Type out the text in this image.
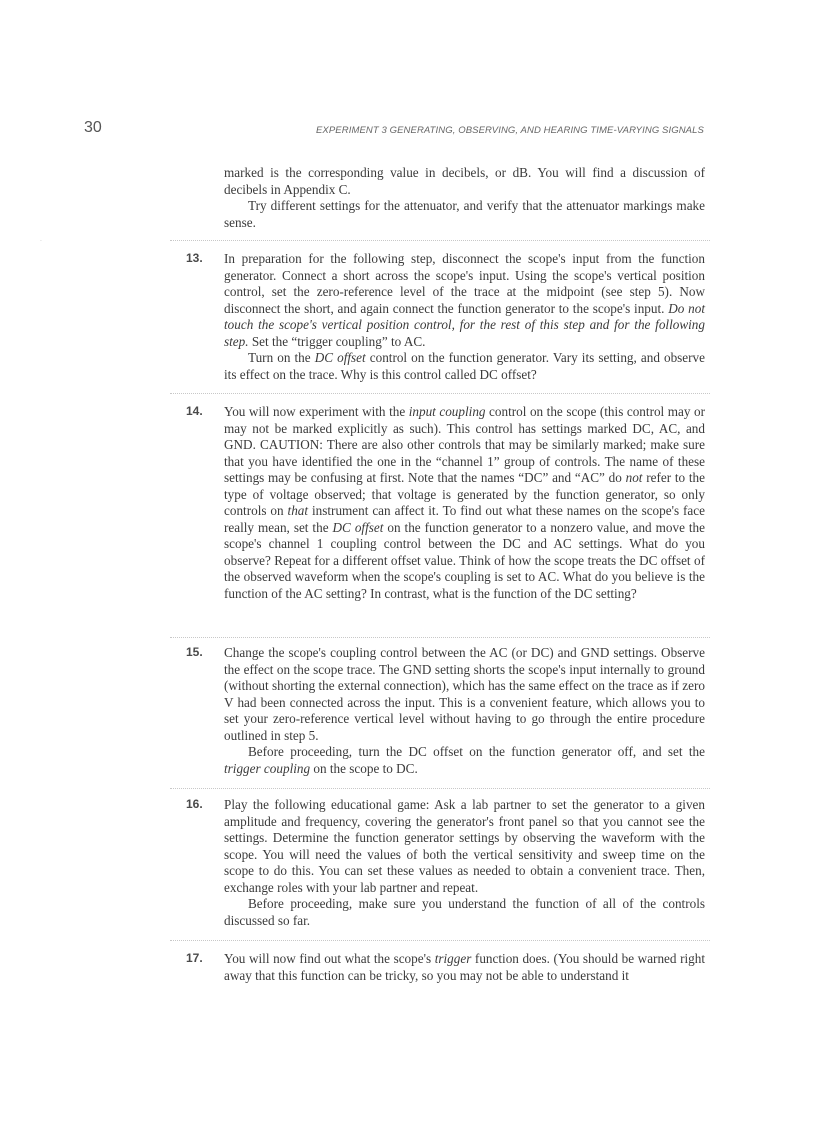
30	EXPERIMENT 3 GENERATING, OBSERVING, AND HEARING TIME-VARYING SIGNALS
·

marked is the corresponding value in decibels, or dB. You will find a discussion of decibels in Appendix C.

Try different settings for the attenuator, and verify that the attenuator markings make sense.

13. In preparation for the following step, disconnect the scope's input from the function generator. Connect a short across the scope's input. Using the scope's vertical position control, set the zero-reference level of the trace at the midpoint (see step 5). Now disconnect the short, and again connect the function generator to the scope's input. Do not touch the scope's vertical position control, for the rest of this step and for the following step. Set the “trigger coupling” to AC.

Turn on the DC offset control on the function generator. Vary its setting, and observe its effect on the trace. Why is this control called DC offset?

14. You will now experiment with the input coupling control on the scope (this control may or may not be marked explicitly as such). This control has settings marked DC, AC, and GND. CAUTION: There are also other controls that may be similarly marked; make sure that you have identified the one in the “channel 1” group of controls. The name of these settings may be confusing at first. Note that the names “DC” and “AC” do not refer to the type of voltage observed; that voltage is generated by the function generator, so only controls on that instrument can affect it. To find out what these names on the scope's face really mean, set the DC offset on the function generator to a nonzero value, and move the scope's channel 1 coupling control between the DC and AC settings. What do you observe? Repeat for a different offset value. Think of how the scope treats the DC offset of the observed waveform when the scope's coupling is set to AC. What do you believe is the function of the AC setting? In contrast, what is the function of the DC setting?

15. Change the scope's coupling control between the AC (or DC) and GND settings. Observe the effect on the scope trace. The GND setting shorts the scope's input internally to ground (without shorting the external connection), which has the same effect on the trace as if zero V had been connected across the input. This is a convenient feature, which allows you to set your zero-reference vertical level without having to go through the entire procedure outlined in step 5.

Before proceeding, turn the DC offset on the function generator off, and set the trigger coupling on the scope to DC.

16. Play the following educational game: Ask a lab partner to set the generator to a given amplitude and frequency, covering the generator's front panel so that you cannot see the settings. Determine the function generator settings by observing the waveform with the scope. You will need the values of both the vertical sensitivity and sweep time on the scope to do this. You can set these values as needed to obtain a convenient trace. Then, exchange roles with your lab partner and repeat.

Before proceeding, make sure you understand the function of all of the controls discussed so far.

17. You will now find out what the scope's trigger function does. (You should be warned right away that this function can be tricky, so you may not be able to understand it
